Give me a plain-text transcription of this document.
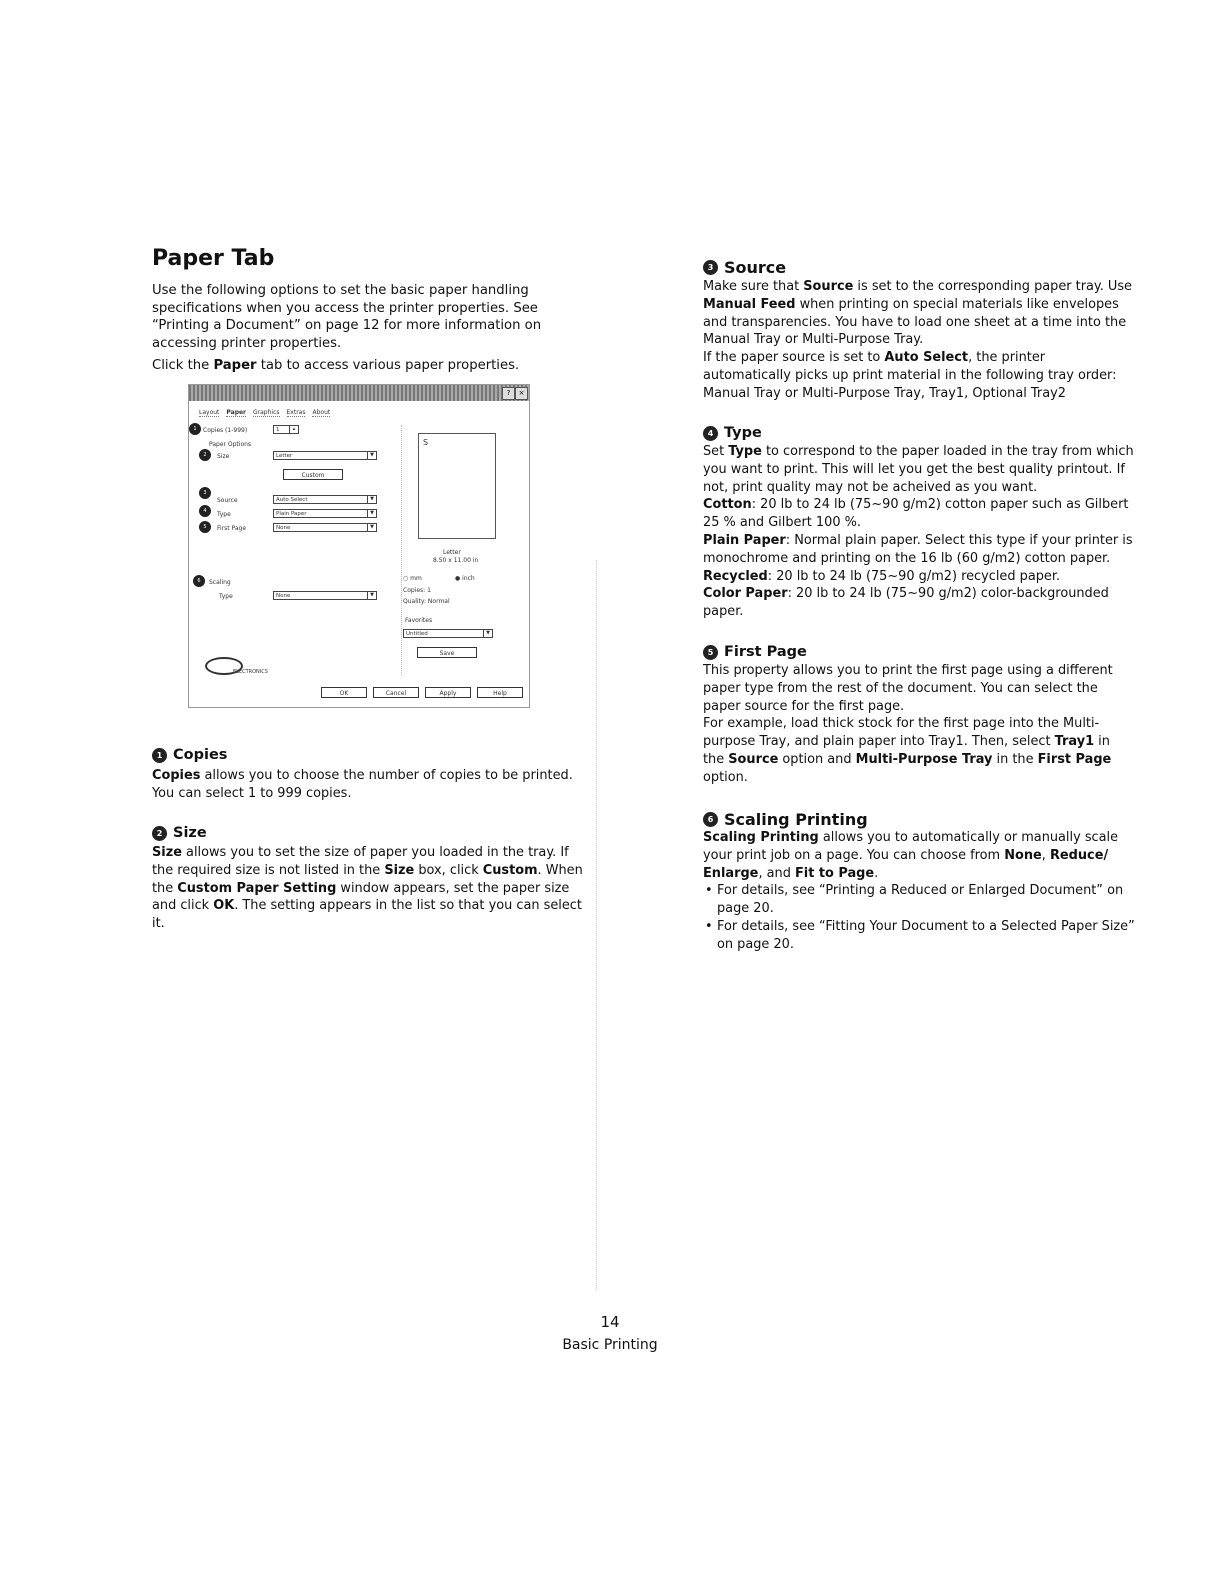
Paper Tab

Use the following options to set the basic paper handling specifications when you access the printer properties. See “Printing a Document” on page 12 for more information on accessing printer properties.

Click the Paper tab to access various paper properties.

?	×
Layout Paper Graphics Extras About
1	Copies (1-999)	1	▴
Paper Options
2	Size	Letter	▼
Custom
3
Source	Auto Select	▼
4	Type	Plain Paper	▼
5	First Page	None	▼
6	Scaling
Type	None	▼
S
Letter
8.50 x 11.00 in
○ mm	● inch
Copies: 1
Quality: Normal
Favorites
Untitled	▼
Save
ELECTRONICS
OK	Cancel	Apply	Help
1 Copies

Copies allows you to choose the number of copies to be printed. You can select 1 to 999 copies.

2 Size

Size allows you to set the size of paper you loaded in the tray. If the required size is not listed in the Size box, click Custom. When the Custom Paper Setting window appears, set the paper size and click OK. The setting appears in the list so that you can select it.

3 Source

Make sure that Source is set to the corresponding paper tray. Use Manual Feed when printing on special materials like envelopes and transparencies. You have to load one sheet at a time into the Manual Tray or Multi-Purpose Tray.

If the paper source is set to Auto Select, the printer automatically picks up print material in the following tray order: Manual Tray or Multi-Purpose Tray, Tray1, Optional Tray2

4 Type

Set Type to correspond to the paper loaded in the tray from which you want to print. This will let you get the best quality printout. If not, print quality may not be acheived as you want.

Cotton: 20 lb to 24 lb (75~90 g/m2) cotton paper such as Gilbert 25 % and Gilbert 100 %.

Plain Paper: Normal plain paper. Select this type if your printer is monochrome and printing on the 16 lb (60 g/m2) cotton paper.

Recycled: 20 lb to 24 lb (75~90 g/m2) recycled paper.

Color Paper: 20 lb to 24 lb (75~90 g/m2) color-backgrounded paper.

5 First Page

This property allows you to print the first page using a different paper type from the rest of the document. You can select the paper source for the first page.

For example, load thick stock for the first page into the Multi-purpose Tray, and plain paper into Tray1. Then, select Tray1 in the Source option and Multi-Purpose Tray in the First Page option.

6 Scaling Printing

Scaling Printing allows you to automatically or manually scale your print job on a page. You can choose from None, Reduce/ Enlarge, and Fit to Page.

• For details, see “Printing a Reduced or Enlarged Document” on page 20.
• For details, see “Fitting Your Document to a Selected Paper Size” on page 20.
14
Basic Printing
